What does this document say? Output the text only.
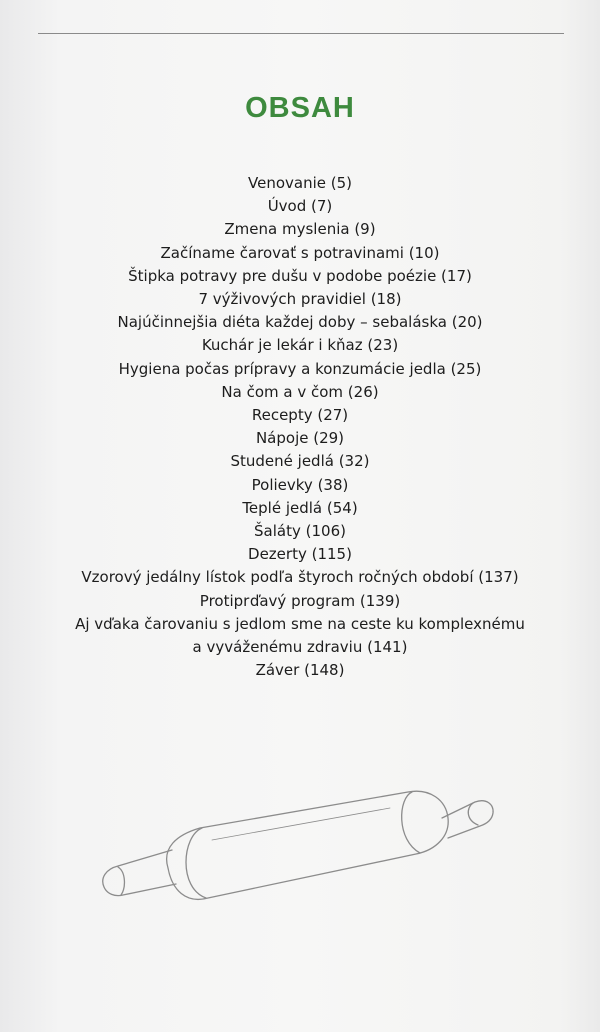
OBSAH
Venovanie (5)
Úvod (7)
Zmena myslenia (9)
Začíname čarovať s potravinami (10)
Štipka potravy pre dušu v podobe poézie (17)
7 výživových pravidiel (18)
Najúčinnejšia diéta každej doby – sebaláska (20)
Kuchár je lekár i kňaz (23)
Hygiena počas prípravy a konzumácie jedla (25)
Na čom a v čom (26)
Recepty (27)
Nápoje (29)
Studené jedlá (32)
Polievky (38)
Teplé jedlá (54)
Šaláty (106)
Dezerty (115)
Vzorový jedálny lístok podľa štyroch ročných období (137)
Protiprďavý program (139)
Aj vďaka čarovaniu s jedlom sme na ceste ku komplexnému
a vyváženému zdraviu (141)
Záver (148)
